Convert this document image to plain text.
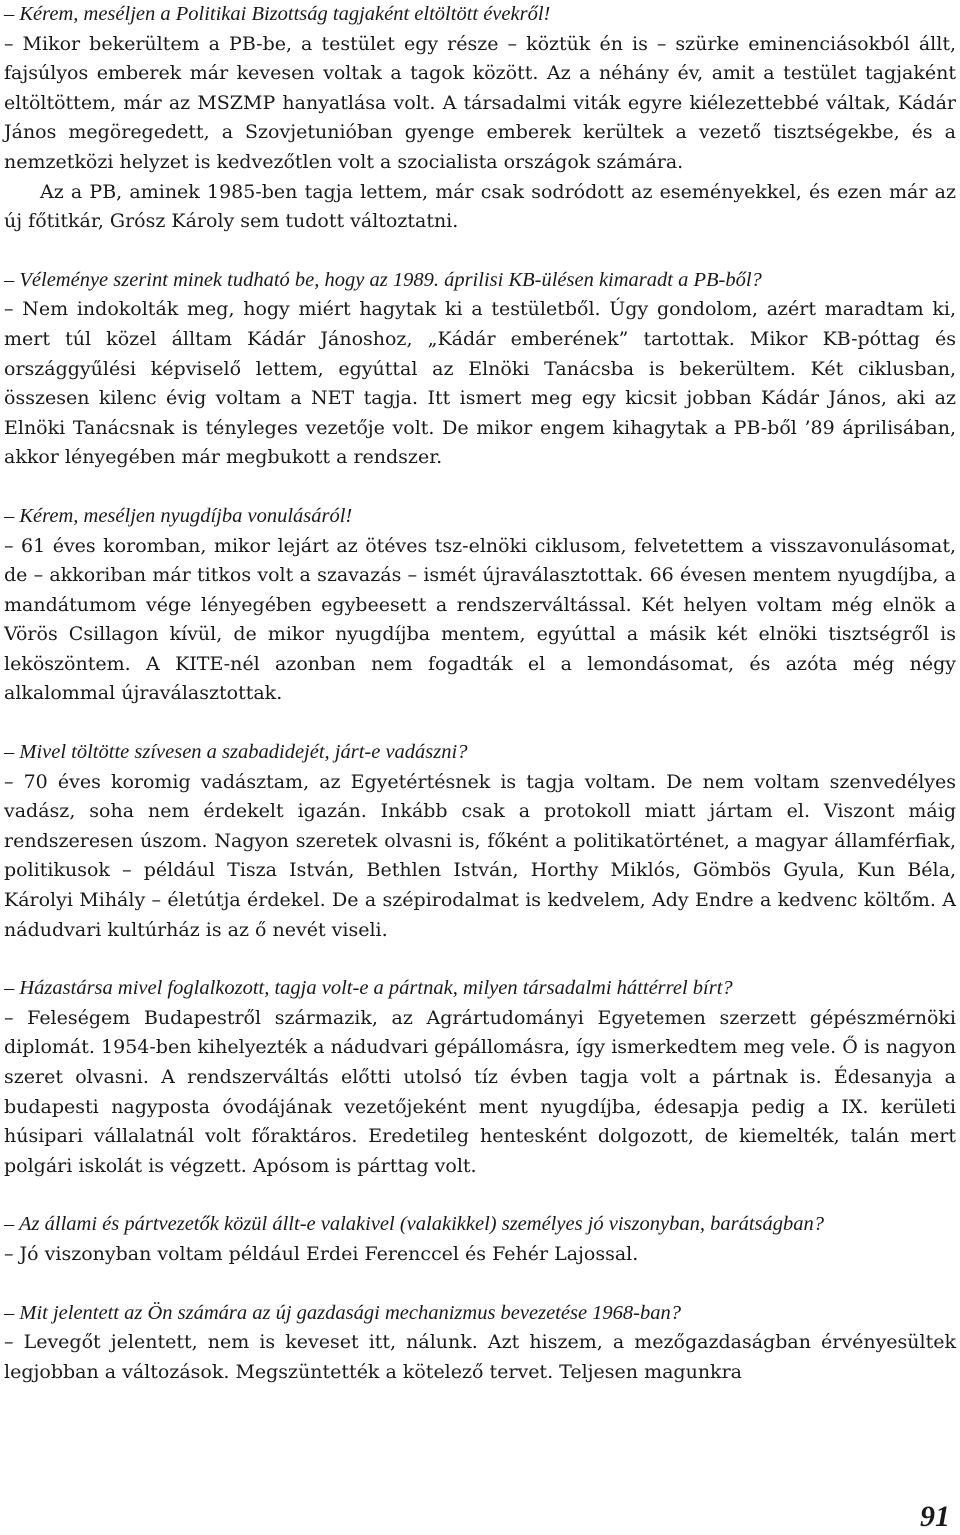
– Kérem, meséljen a Politikai Bizottság tagjaként eltöltött évekről!

– Mikor bekerültem a PB-be, a testület egy része – köztük én is – szürke eminenciásokból állt, fajsúlyos emberek már kevesen voltak a tagok között. Az a néhány év, amit a testület tagjaként eltöltöttem, már az MSZMP hanyatlása volt. A társadalmi viták egyre kiélezettebbé váltak, Kádár János megöregedett, a Szovjetunióban gyenge emberek kerültek a vezető tisztségekbe, és a nemzetközi helyzet is kedvezőtlen volt a szocialista országok számára.

Az a PB, aminek 1985-ben tagja lettem, már csak sodródott az eseményekkel, és ezen már az új főtitkár, Grósz Károly sem tudott változtatni.

– Véleménye szerint minek tudható be, hogy az 1989. áprilisi KB-ülésen kimaradt a PB-ből?

– Nem indokolták meg, hogy miért hagytak ki a testületből. Úgy gondolom, azért maradtam ki, mert túl közel álltam Kádár Jánoshoz, „Kádár emberének” tartottak. Mikor KB-póttag és országgyűlési képviselő lettem, egyúttal az Elnöki Tanácsba is bekerültem. Két ciklusban, összesen kilenc évig voltam a NET tagja. Itt ismert meg egy kicsit jobban Kádár János, aki az Elnöki Tanácsnak is tényleges vezetője volt. De mikor engem kihagytak a PB-ből ’89 áprilisában, akkor lényegében már megbukott a rendszer.

– Kérem, meséljen nyugdíjba vonulásáról!

– 61 éves koromban, mikor lejárt az ötéves tsz-elnöki ciklusom, felvetettem a visszavonulásomat, de – akkoriban már titkos volt a szavazás – ismét újraválasztottak. 66 évesen mentem nyugdíjba, a mandátumom vége lényegében egybeesett a rendszerváltással. Két helyen voltam még elnök a Vörös Csillagon kívül, de mikor nyugdíjba mentem, egyúttal a másik két elnöki tisztségről is leköszöntem. A KITE-nél azonban nem fogadták el a lemondásomat, és azóta még négy alkalommal újraválasztottak.

– Mivel töltötte szívesen a szabadidejét, járt-e vadászni?

– 70 éves koromig vadásztam, az Egyetértésnek is tagja voltam. De nem voltam szenvedélyes vadász, soha nem érdekelt igazán. Inkább csak a protokoll miatt jártam el. Viszont máig rendszeresen úszom. Nagyon szeretek olvasni is, főként a politikatörténet, a magyar államférfiak, politikusok – például Tisza István, Bethlen István, Horthy Miklós, Gömbös Gyula, Kun Béla, Károlyi Mihály – életútja érdekel. De a szépirodalmat is kedvelem, Ady Endre a kedvenc költőm. A nádudvari kultúrház is az ő nevét viseli.

– Házastársa mivel foglalkozott, tagja volt-e a pártnak, milyen társadalmi háttérrel bírt?

– Feleségem Budapestről származik, az Agrártudományi Egyetemen szerzett gépészmérnöki diplomát. 1954-ben kihelyezték a nádudvari gépállomásra, így ismerkedtem meg vele. Ő is nagyon szeret olvasni. A rendszerváltás előtti utolsó tíz évben tagja volt a pártnak is. Édesanyja a budapesti nagyposta óvodájának vezetőjeként ment nyugdíjba, édesapja pedig a IX. kerületi húsipari vállalatnál volt főraktáros. Eredetileg hentesként dolgozott, de kiemelték, talán mert polgári iskolát is végzett. Apósom is párttag volt.

– Az állami és pártvezetők közül állt-e valakivel (valakikkel) személyes jó viszonyban, barátságban?

– Jó viszonyban voltam például Erdei Ferenccel és Fehér Lajossal.

– Mit jelentett az Ön számára az új gazdasági mechanizmus bevezetése 1968-ban?

– Levegőt jelentett, nem is keveset itt, nálunk. Azt hiszem, a mezőgazdaságban érvényesültek legjobban a változások. Megszüntették a kötelező tervet. Teljesen magunkra

91
